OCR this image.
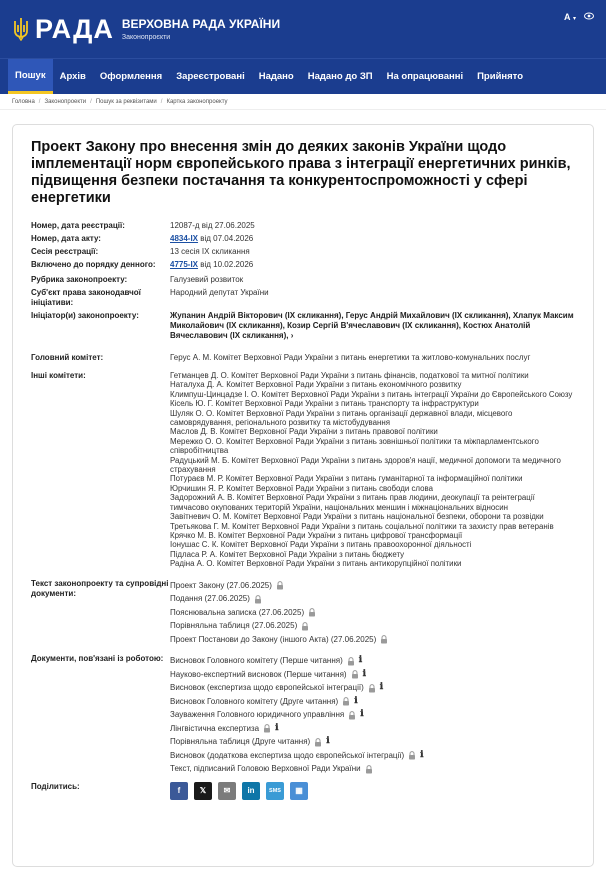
РАДА ВЕРХОВНА РАДА УКРАЇНИ
Законопроєкти
A ▾
Пошук	Архів	Оформлення	Зареєстровані	Надано	Надано до ЗП	На опрацюванні	Прийнято
Головна / Законопроекти / Пошук за реквізитами / Картка законопроекту
Проект Закону про внесення змін до деяких законів України щодо імплементації норм європейського права з інтеграції енергетичних ринків, підвищення безпеки постачання та конкурентоспроможності у сфері енергетики
Номер, дата реєстрації:	12087-д від 27.06.2025
Номер, дата акту:	4834-IX від 07.04.2026
Сесія реєстрації:	13 сесія IX скликання
Включено до порядку денного:	4775-IX від 10.02.2026
Рубрика законопроекту:	Галузевий розвиток
Суб'єкт права законодавчої ініціативи:
Народний депутат України
Ініціатор(и) законопроекту:	Жупанин Андрій Вікторович (IX скликання), Герус Андрій Михайлович (IX скликання), Хлапук Максим Миколайович (IX скликання), Козир Сергій В'ячеславович (IX скликання), Костюх Анатолій Вячеславович (IX скликання), ›
Головний комітет:	Герус А. М. Комітет Верховної Ради України з питань енергетики та житлово-комунальних послуг
Інші комітети:	Гетманцев Д. О. Комітет Верховної Ради України з питань фінансів, податкової та митної політики
Наталуха Д. А. Комітет Верховної Ради України з питань економічного розвитку
Климпуш-Цинцадзе І. О. Комітет Верховної Ради України з питань інтеграції України до Європейського Союзу
Кісель Ю. Г. Комітет Верховної Ради України з питань транспорту та інфраструктури
Шуляк О. О. Комітет Верховної Ради України з питань організації державної влади, місцевого самоврядування, регіонального розвитку та містобудування
Маслов Д. В. Комітет Верховної Ради України з питань правової політики
Мережко О. О. Комітет Верховної Ради України з питань зовнішньої політики та міжпарламентського співробітництва
Радуцький М. Б. Комітет Верховної Ради України з питань здоров'я нації, медичної допомоги та медичного страхування
Потураєв М. Р. Комітет Верховної Ради України з питань гуманітарної та інформаційної політики
Юрчишин Я. Р. Комітет Верховної Ради України з питань свободи слова
Задорожний А. В. Комітет Верховної Ради України з питань прав людини, деокупації та реінтеграції тимчасово окупованих територій України, національних меншин і міжнаціональних відносин
Завітневич О. М. Комітет Верховної Ради України з питань національної безпеки, оборони та розвідки
Третьякова Г. М. Комітет Верховної Ради України з питань соціальної політики та захисту прав ветеранів
Крячко М. В. Комітет Верховної Ради України з питань цифрової трансформації
Іонушас С. К. Комітет Верховної Ради України з питань правоохоронної діяльності
Підласа Р. А. Комітет Верховної Ради України з питань бюджету
Радіна А. О. Комітет Верховної Ради України з питань антикорупційної політики
Текст законопроекту та супровідні документи:
Проект Закону (27.06.2025)
Подання (27.06.2025)
Пояснювальна записка (27.06.2025)
Порівняльна таблиця (27.06.2025)
Проект Постанови до Закону (іншого Акта) (27.06.2025)
Документи, пов'язані із роботою: Висновок Головного комітету (Перше читання) ℹ
Науково-експертний висновок (Перше читання) ℹ
Висновок (експертиза щодо європейської інтеграції) ℹ
Висновок Головного комітету (Друге читання) ℹ
Зауваження Головного юридичного управління ℹ
Лінгвістична експертиза ℹ
Порівняльна таблиця (Друге читання) ℹ
Висновок (додаткова експертиза щодо європейської інтеграції) ℹ
Текст, підписаний Головою Верховної Ради України
Поділитись:	f	𝕏	✉	in	SMS	▦
